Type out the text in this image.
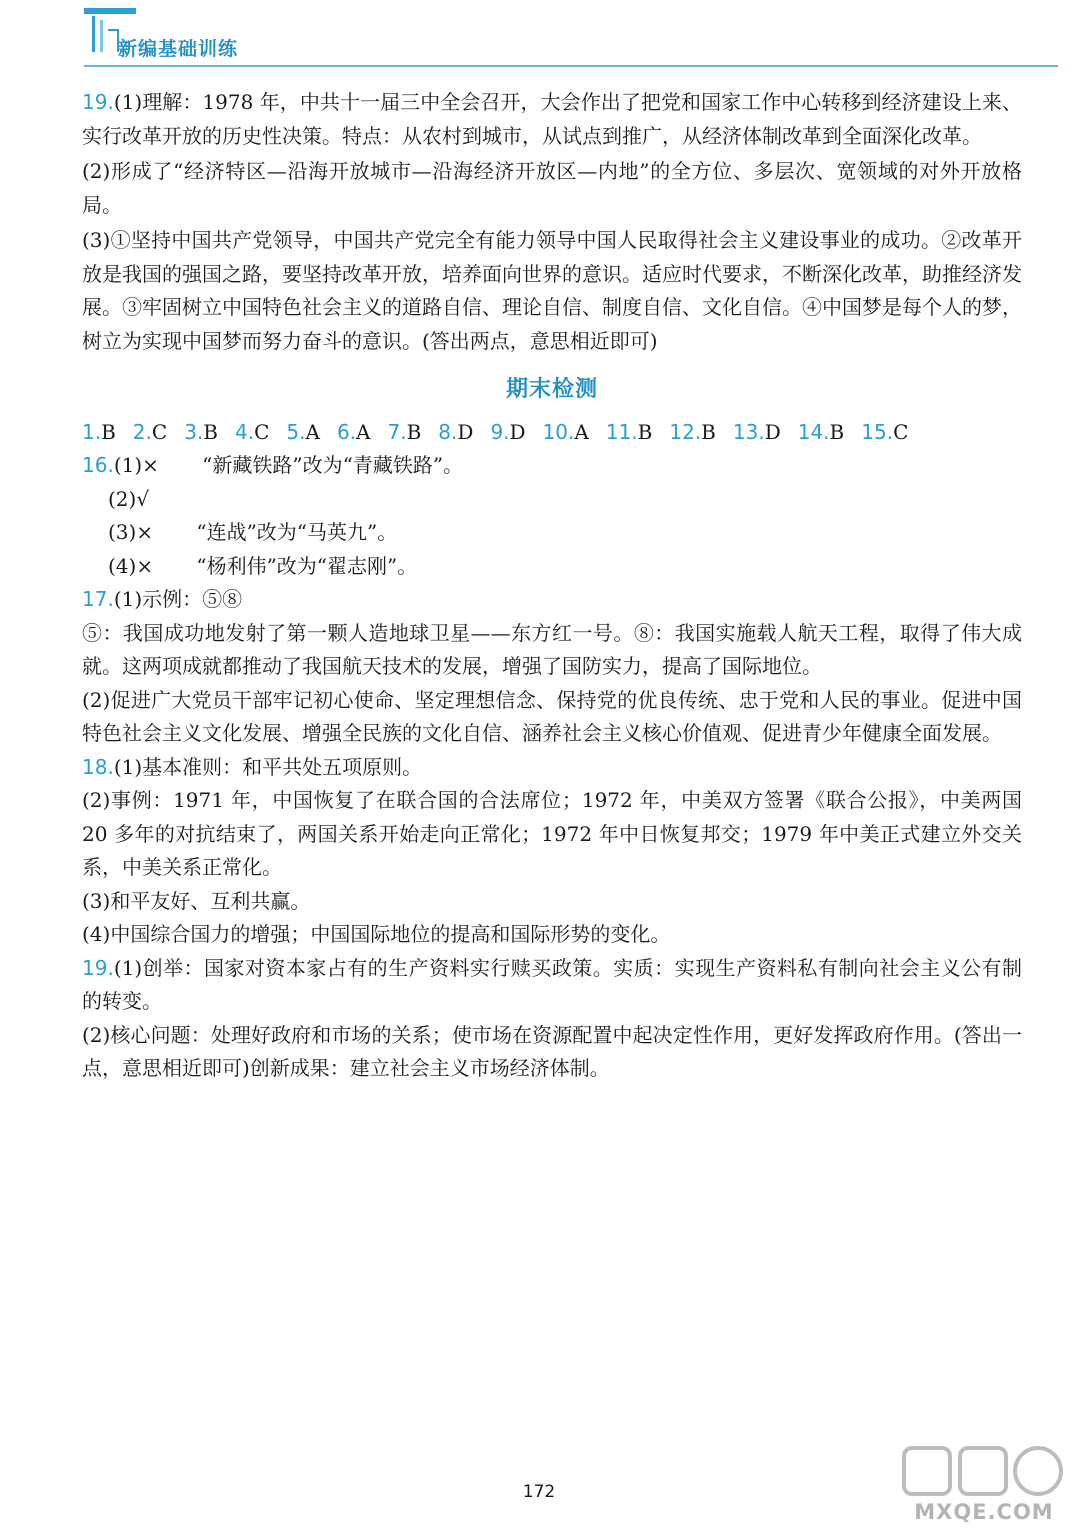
新编基础训练
19.(1)理解：1978 年，中共十一届三中全会召开，大会作出了把党和国家工作中心转移到经济建设上来、实行改革开放的历史性决策。特点：从农村到城市，从试点到推广，从经济体制改革到全面深化改革。
(2)形成了“经济特区—沿海开放城市—沿海经济开放区—内地”的全方位、多层次、宽领域的对外开放格局。
(3)①坚持中国共产党领导，中国共产党完全有能力领导中国人民取得社会主义建设事业的成功。②改革开放是我国的强国之路，要坚持改革开放，培养面向世界的意识。适应时代要求，不断深化改革，助推经济发展。③牢固树立中国特色社会主义的道路自信、理论自信、制度自信、文化自信。④中国梦是每个人的梦，树立为实现中国梦而努力奋斗的意识。(答出两点，意思相近即可)
期末检测
1.B 2.C 3.B 4.C 5.A 6.A 7.B 8.D 9.D 10.A 11.B 12.B 13.D 14.B 15.C
16.(1)× “新藏铁路”改为“青藏铁路”。
(2)√
(3)× “连战”改为“马英九”。
(4)× “杨利伟”改为“翟志刚”。
17.(1)示例：⑤⑧
⑤：我国成功地发射了第一颗人造地球卫星——东方红一号。⑧：我国实施载人航天工程，取得了伟大成就。这两项成就都推动了我国航天技术的发展，增强了国防实力，提高了国际地位。
(2)促进广大党员干部牢记初心使命、坚定理想信念、保持党的优良传统、忠于党和人民的事业。促进中国特色社会主义文化发展、增强全民族的文化自信、涵养社会主义核心价值观、促进青少年健康全面发展。
18.(1)基本准则：和平共处五项原则。
(2)事例：1971 年，中国恢复了在联合国的合法席位；1972 年，中美双方签署《联合公报》，中美两国 20 多年的对抗结束了，两国关系开始走向正常化；1972 年中日恢复邦交；1979 年中美正式建立外交关系，中美关系正常化。
(3)和平友好、互利共赢。
(4)中国综合国力的增强；中国国际地位的提高和国际形势的变化。
19.(1)创举：国家对资本家占有的生产资料实行赎买政策。实质：实现生产资料私有制向社会主义公有制的转变。
(2)核心问题：处理好政府和市场的关系；使市场在资源配置中起决定性作用，更好发挥政府作用。(答出一点，意思相近即可)创新成果：建立社会主义市场经济体制。
172
MXQE.COM
